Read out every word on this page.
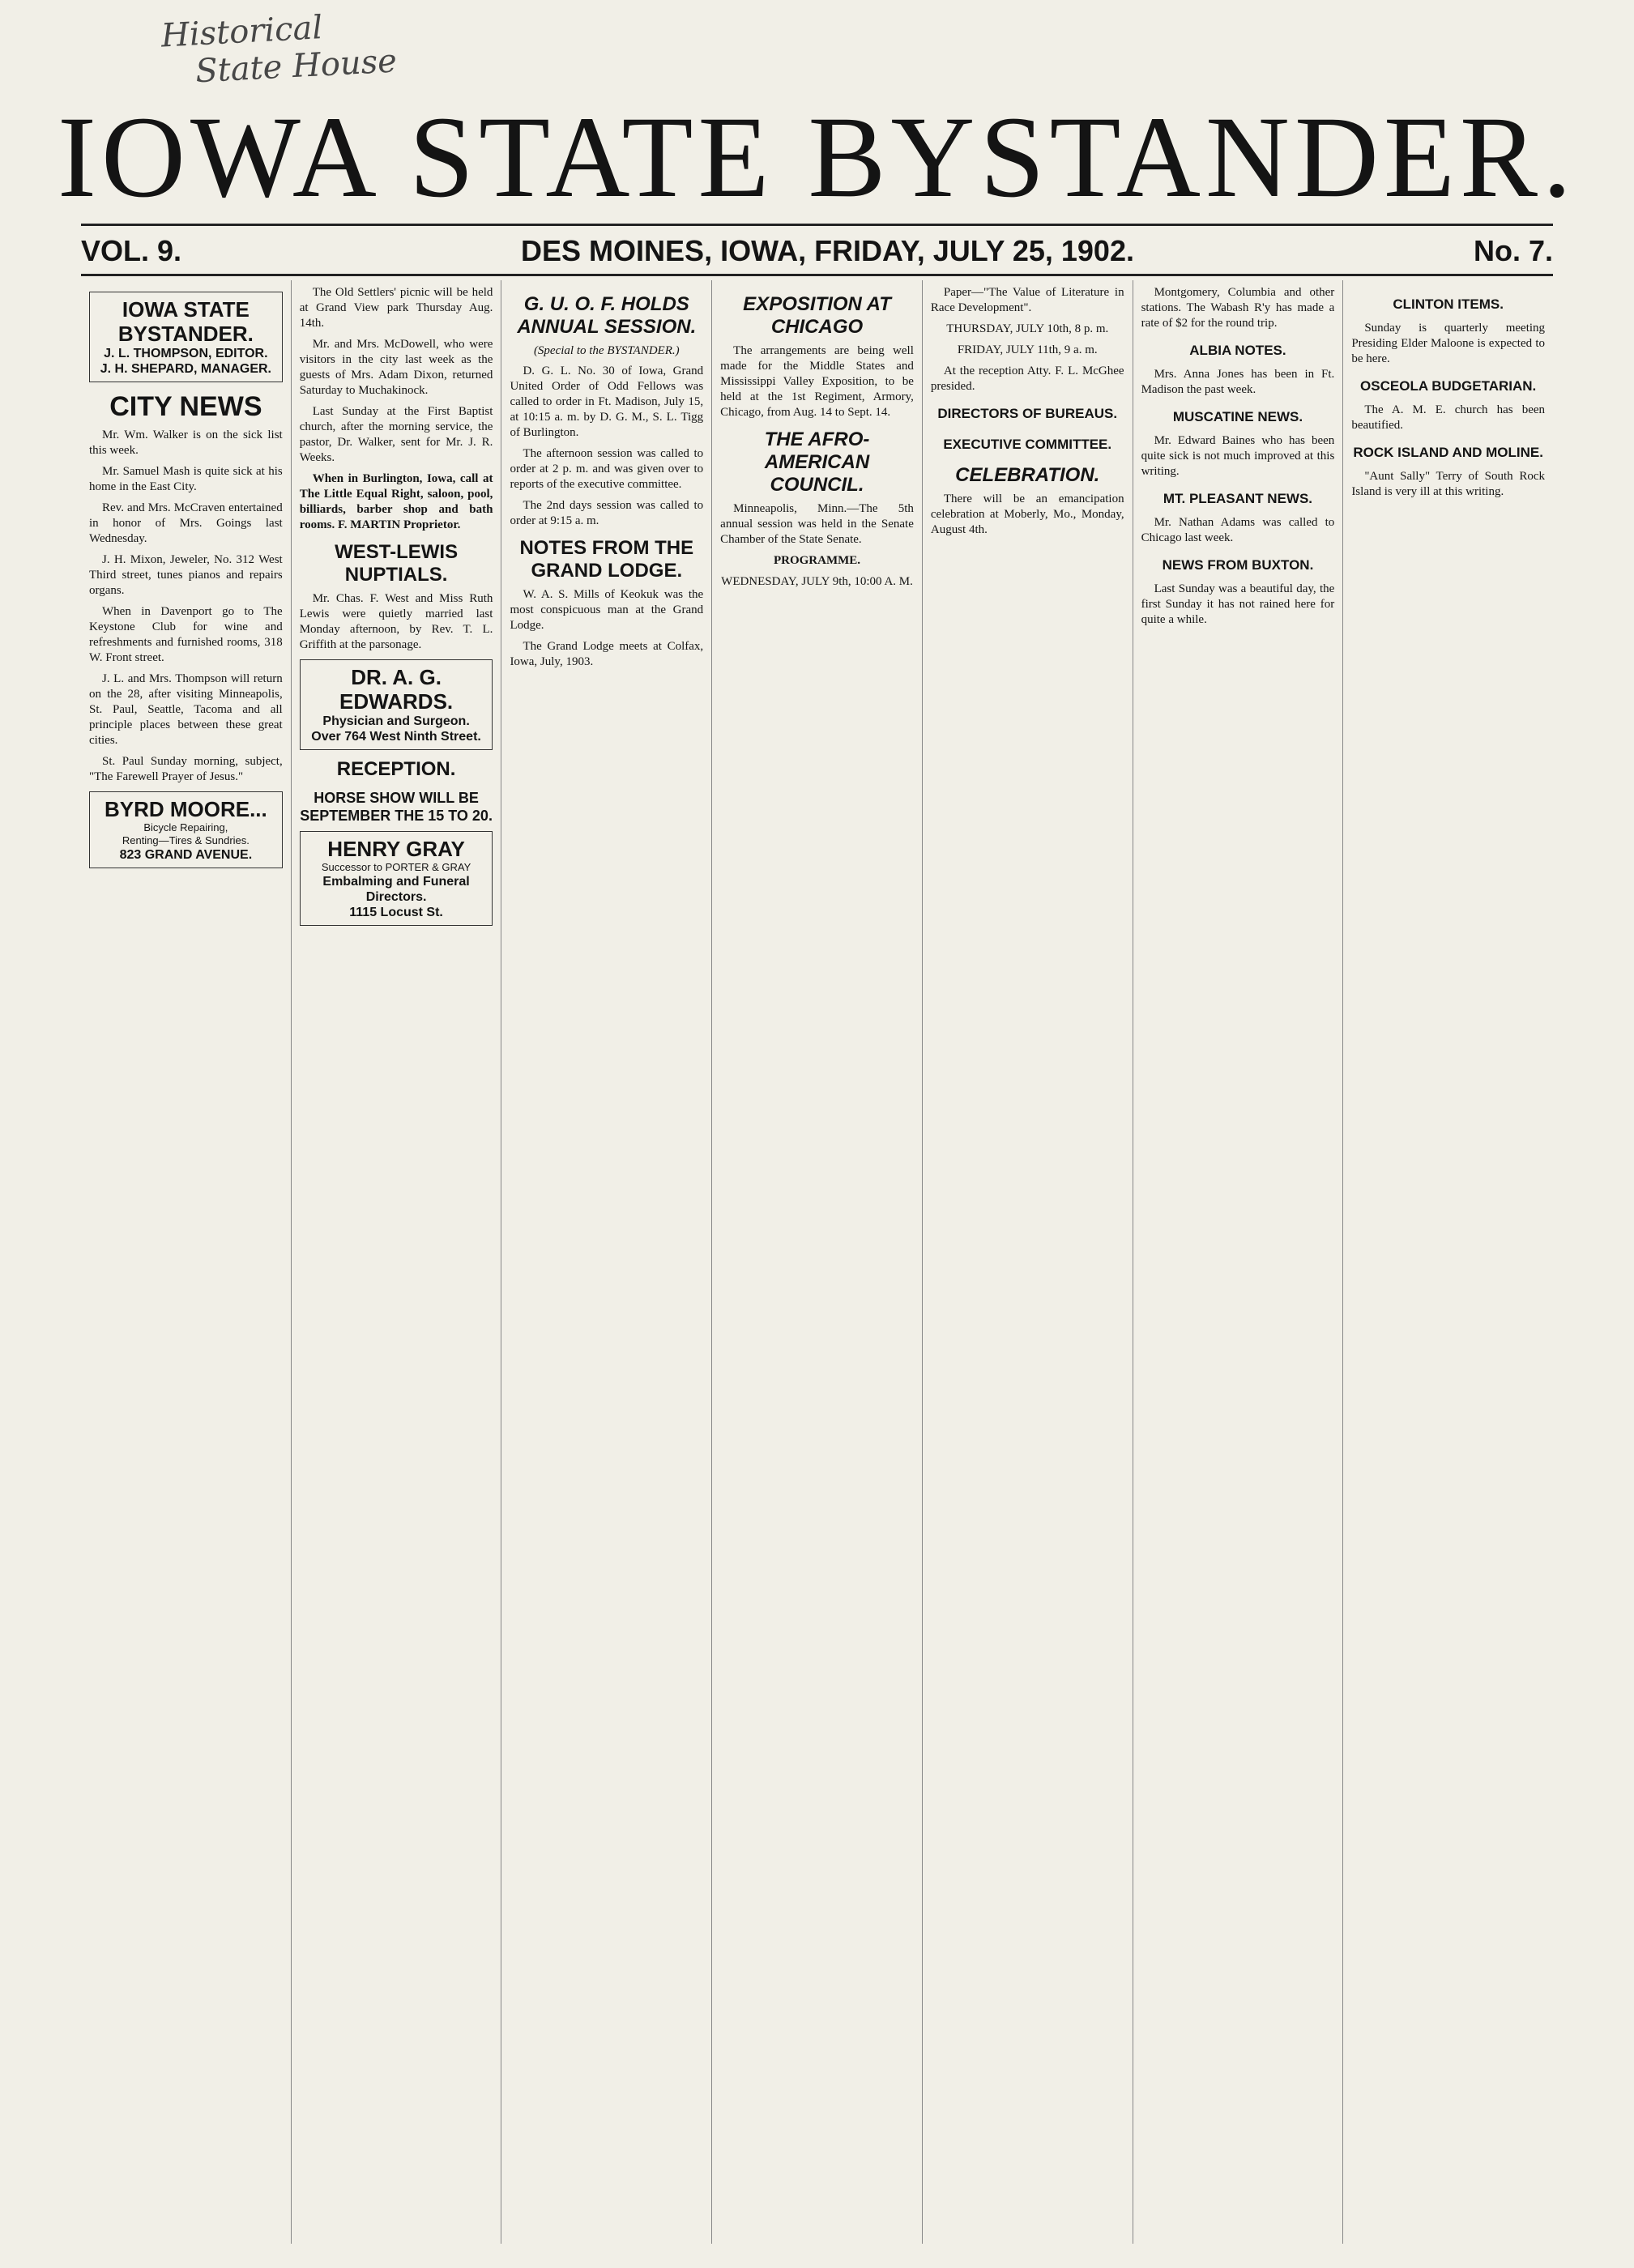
Historical
State House
IOWA STATE BYSTANDER.
VOL. 9.	DES MOINES, IOWA, FRIDAY, JULY 25, 1902.	No. 7.
IOWA STATE BYSTANDER.
J. L. THOMPSON, EDITOR.
J. H. SHEPARD, MANAGER.
CITY NEWS

Mr. Wm. Walker is on the sick list this week.

Mr. Samuel Mash is quite sick at his home in the East City.

Rev. and Mrs. McCraven entertained in honor of Mrs. Goings last Wednesday.

J. H. Mixon, Jeweler, No. 312 West Third street, tunes pianos and repairs organs.

When in Davenport go to The Keystone Club for wine and refreshments and furnished rooms, 318 W. Front street.

J. L. and Mrs. Thompson will return on the 28, after visiting Minneapolis, St. Paul, Seattle, Tacoma and all principle places between these great cities.

St. Paul Sunday morning, subject, "The Farewell Prayer of Jesus."

BYRD MOORE...
Bicycle Repairing,
Renting—Tires & Sundries.
823 GRAND AVENUE.

The Old Settlers' picnic will be held at Grand View park Thursday Aug. 14th.

Mr. and Mrs. McDowell, who were visitors in the city last week as the guests of Mrs. Adam Dixon, returned Saturday to Muchakinock.

Last Sunday at the First Baptist church, after the morning service, the pastor, Dr. Walker, sent for Mr. J. R. Weeks.

When in Burlington, Iowa, call at The Little Equal Right, saloon, pool, billiards, barber shop and bath rooms. F. MARTIN Proprietor.

WEST-LEWIS NUPTIALS.

Mr. Chas. F. West and Miss Ruth Lewis were quietly married last Monday afternoon, by Rev. T. L. Griffith at the parsonage.

DR. A. G. EDWARDS.
Physician and Surgeon.
Over 764 West Ninth Street.
RECEPTION.
HORSE SHOW WILL BE SEPTEMBER THE 15 TO 20.
HENRY GRAY
Successor to PORTER & GRAY
Embalming and Funeral Directors.
1115 Locust St.
G. U. O. F. HOLDS ANNUAL SESSION.
(Special to the BYSTANDER.)

D. G. L. No. 30 of Iowa, Grand United Order of Odd Fellows was called to order in Ft. Madison, July 15, at 10:15 a. m. by D. G. M., S. L. Tigg of Burlington.

The afternoon session was called to order at 2 p. m. and was given over to reports of the executive committee.

The 2nd days session was called to order at 9:15 a. m.

NOTES FROM THE GRAND LODGE.

W. A. S. Mills of Keokuk was the most conspicuous man at the Grand Lodge.

The Grand Lodge meets at Colfax, Iowa, July, 1903.

EXPOSITION AT CHICAGO

The arrangements are being well made for the Middle States and Mississippi Valley Exposition, to be held at the 1st Regiment, Armory, Chicago, from Aug. 14 to Sept. 14.

THE AFRO-AMERICAN COUNCIL.

Minneapolis, Minn.—The 5th annual session was held in the Senate Chamber of the State Senate.

PROGRAMME.

WEDNESDAY, JULY 9th, 10:00 A. M.

Paper—"The Value of Literature in Race Development".

THURSDAY, JULY 10th, 8 p. m.

FRIDAY, JULY 11th, 9 a. m.

At the reception Atty. F. L. McGhee presided.

DIRECTORS OF BUREAUS.
EXECUTIVE COMMITTEE.
CELEBRATION.

There will be an emancipation celebration at Moberly, Mo., Monday, August 4th.

Montgomery, Columbia and other stations. The Wabash R'y has made a rate of $2 for the round trip.

ALBIA NOTES.

Mrs. Anna Jones has been in Ft. Madison the past week.

MUSCATINE NEWS.

Mr. Edward Baines who has been quite sick is not much improved at this writing.

MT. PLEASANT NEWS.

Mr. Nathan Adams was called to Chicago last week.

NEWS FROM BUXTON.

Last Sunday was a beautiful day, the first Sunday it has not rained here for quite a while.

CLINTON ITEMS.

Sunday is quarterly meeting Presiding Elder Maloone is expected to be here.

OSCEOLA BUDGETARIAN.

The A. M. E. church has been beautified.

ROCK ISLAND AND MOLINE.

"Aunt Sally" Terry of South Rock Island is very ill at this writing.
